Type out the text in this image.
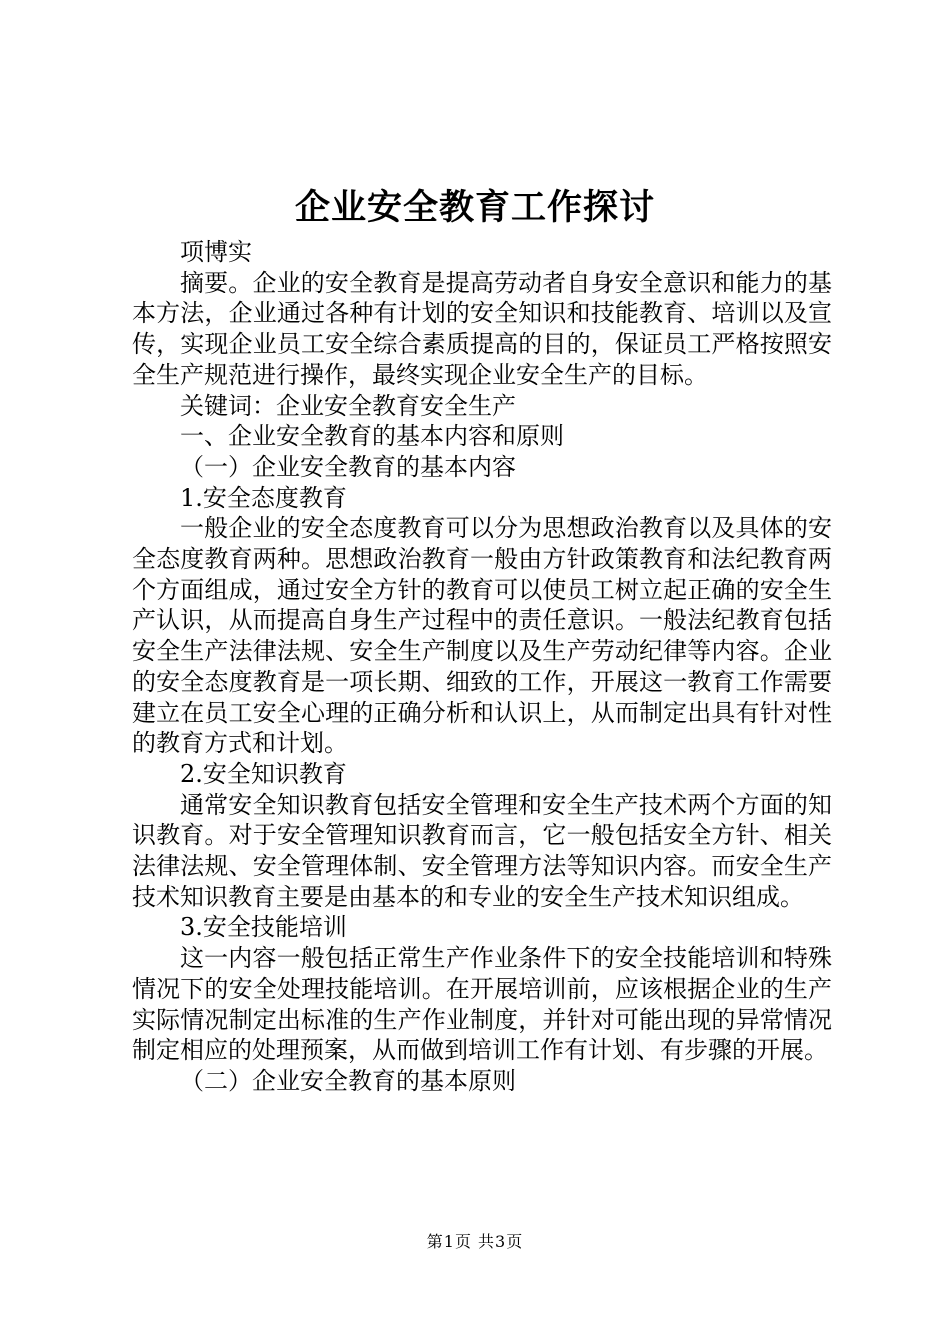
企业安全教育工作探讨

项博实

摘要。企业的安全教育是提高劳动者自身安全意识和能力的基本方法，企业通过各种有计划的安全知识和技能教育、培训以及宣传，实现企业员工安全综合素质提高的目的，保证员工严格按照安全生产规范进行操作，最终实现企业安全生产的目标。

关键词：企业安全教育安全生产

一、企业安全教育的基本内容和原则

（一）企业安全教育的基本内容

1.安全态度教育

一般企业的安全态度教育可以分为思想政治教育以及具体的安全态度教育两种。思想政治教育一般由方针政策教育和法纪教育两个方面组成，通过安全方针的教育可以使员工树立起正确的安全生产认识，从而提高自身生产过程中的责任意识。一般法纪教育包括安全生产法律法规、安全生产制度以及生产劳动纪律等内容。企业的安全态度教育是一项长期、细致的工作，开展这一教育工作需要建立在员工安全心理的正确分析和认识上，从而制定出具有针对性的教育方式和计划。

2.安全知识教育

通常安全知识教育包括安全管理和安全生产技术两个方面的知识教育。对于安全管理知识教育而言，它一般包括安全方针、相关法律法规、安全管理体制、安全管理方法等知识内容。而安全生产技术知识教育主要是由基本的和专业的安全生产技术知识组成。

3.安全技能培训

这一内容一般包括正常生产作业条件下的安全技能培训和特殊情况下的安全处理技能培训。在开展培训前，应该根据企业的生产实际情况制定出标准的生产作业制度，并针对可能出现的异常情况制定相应的处理预案，从而做到培训工作有计划、有步骤的开展。

（二）企业安全教育的基本原则

第1页 共3页
